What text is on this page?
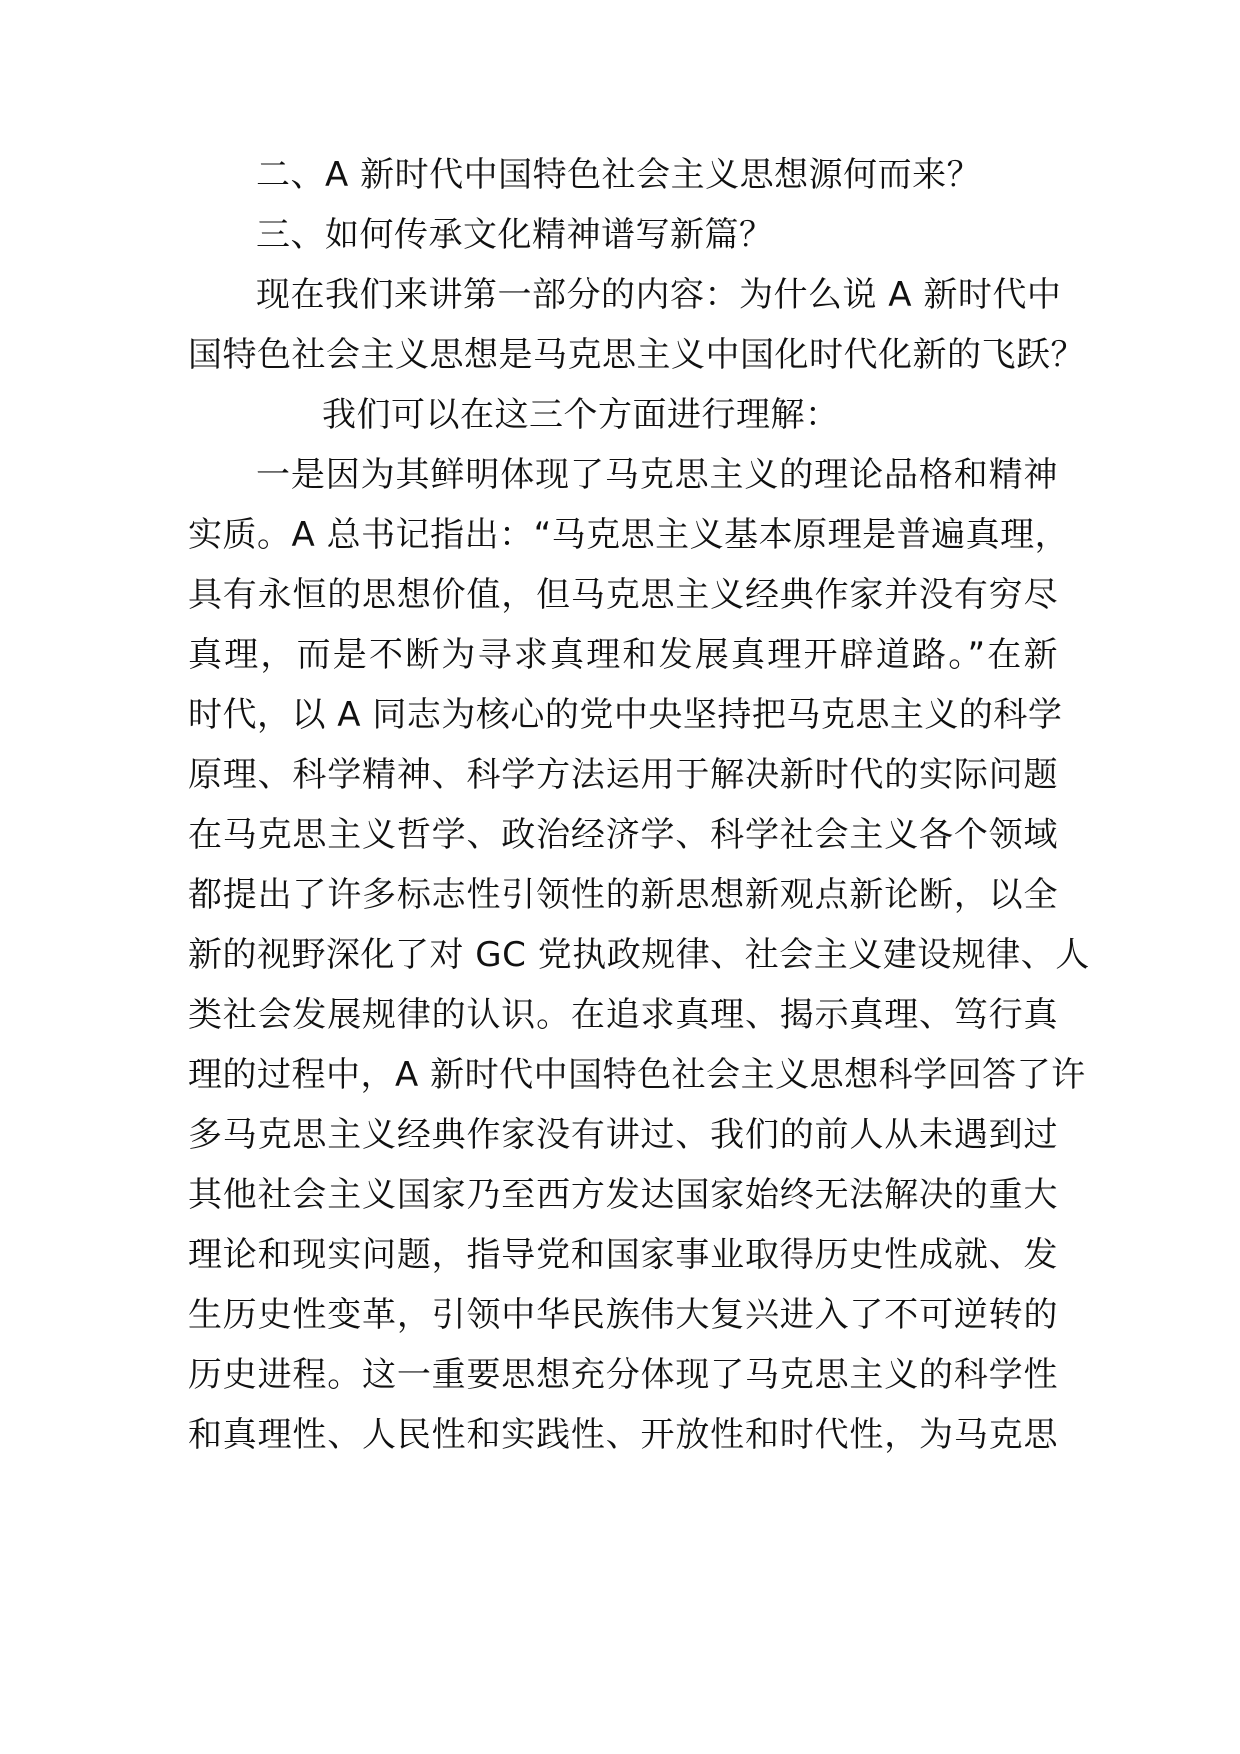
二、A 新时代中国特色社会主义思想源何而来？
三、如何传承文化精神谱写新篇？
现在我们来讲第一部分的内容：为什么说 A 新时代中
国特色社会主义思想是马克思主义中国化时代化新的飞跃？
我们可以在这三个方面进行理解：
一是因为其鲜明体现了马克思主义的理论品格和精神
实质。A 总书记指出：“马克思主义基本原理是普遍真理，
具有永恒的思想价值，但马克思主义经典作家并没有穷尽
真理，而是不断为寻求真理和发展真理开辟道路。”在新
时代，以 A 同志为核心的党中央坚持把马克思主义的科学
原理、科学精神、科学方法运用于解决新时代的实际问题
在马克思主义哲学、政治经济学、科学社会主义各个领域
都提出了许多标志性引领性的新思想新观点新论断，以全
新的视野深化了对 GC 党执政规律、社会主义建设规律、人
类社会发展规律的认识。在追求真理、揭示真理、笃行真
理的过程中，A 新时代中国特色社会主义思想科学回答了许
多马克思主义经典作家没有讲过、我们的前人从未遇到过
其他社会主义国家乃至西方发达国家始终无法解决的重大
理论和现实问题，指导党和国家事业取得历史性成就、发
生历史性变革，引领中华民族伟大复兴进入了不可逆转的
历史进程。这一重要思想充分体现了马克思主义的科学性
和真理性、人民性和实践性、开放性和时代性，为马克思
